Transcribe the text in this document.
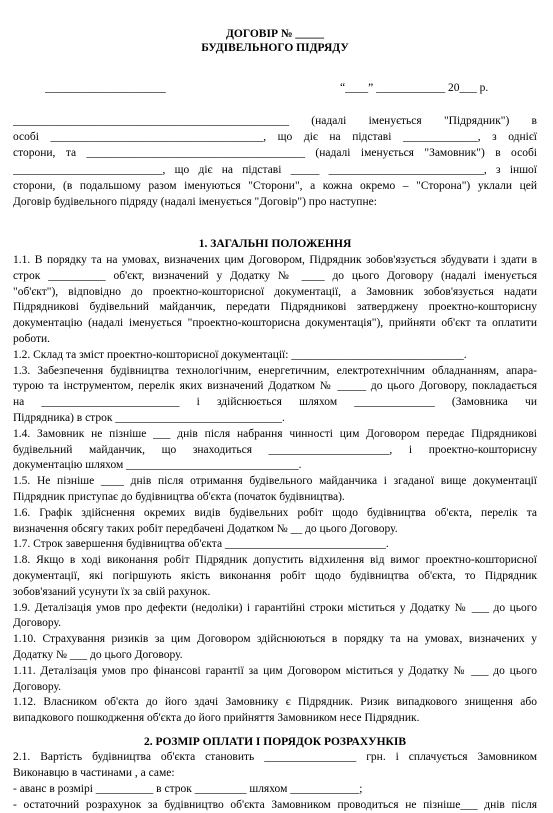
ДОГОВІР № _____
БУДІВЕЛЬНОГО ПІДРЯДУ
_____________________	“____” ____________ 20___ р.
________________________________________________ (надалі іменується "Підрядник") в
особі _____________________________________, що діє на підставі _____________, з однієї
сторони, та ______________________________________ (надалі іменується "Замовник") в особі
__________________________, що діє на підставі _____ ___________________________, з іншої
сторони, (в подальшому разом іменуються "Сторони", а кожна окремо – "Сторона") уклали цей
Договір будівельного підряду (надалі іменується "Договір") про наступне:
1. ЗАГАЛЬНІ ПОЛОЖЕННЯ
1.1. В порядку та на умовах, визначених цим Договором, Підрядник зобов'язується збудувати і здати в
строк __________ об'єкт, визначений у Додатку № ____ до цього Договору (надалі іменується
"об'єкт"), відповідно до проектно-кошторисної документації, а Замовник зобов'язується надати
Підрядникові будівельний майданчик, передати Підрядникові затверджену проектно-кошторисну
документацію (надалі іменується "проектно-кошторисна документація"), прийняти об'єкт та оплатити
роботи.
1.2. Склад та зміст проектно-кошторисної документації: ______________________________.
1.3. Забезпечення будівництва технологічним, енергетичним, електротехнічним обладнанням, апара-
турою та інструментом, перелік яких визначений Додатком № _____ до цього Договору, покладається
на ________________________ і здійснюється шляхом ______________ (Замовника чи
Підрядника) в строк _____________________________.
1.4. Замовник не пізніше ___ днів після набрання чинності цим Договором передає Підрядникові
будівельний майданчик, що знаходиться _____________________, і проектно-кошторисну
документацію шляхом ______________________________.
1.5. Не пізніше ____ днів після отримання будівельного майданчика і згаданої вище документації
Підрядник приступає до будівництва об'єкта (початок будівництва).
1.6. Графік здійснення окремих видів будівельних робіт щодо будівництва об'єкта, перелік та
визначення обсягу таких робіт передбачені Додатком № __ до цього Договору.
1.7. Строк завершення будівництва об'єкта ____________________________.
1.8. Якщо в ході виконання робіт Підрядник допустить відхилення від вимог проектно-кошторисної
документації, які погіршують якість виконання робіт щодо будівництва об'єкта, то Підрядник
зобов'язаний усунути їх за свій рахунок.
1.9. Деталізація умов про дефекти (недоліки) і гарантійні строки міститься у Додатку № ___ до цього
Договору.
1.10. Страхування ризиків за цим Договором здійснюються в порядку та на умовах, визначених у
Додатку № ___ до цього Договору.
1.11. Деталізація умов про фінансові гарантії за цим Договором міститься у Додатку № ___ до цього
Договору.
1.12. Власником об'єкта до його здачі Замовнику є Підрядник. Ризик випадкового знищення або
випадкового пошкодження об'єкта до його прийняття Замовником несе Підрядник.
2. РОЗМІР ОПЛАТИ І ПОРЯДОК РОЗРАХУНКІВ
2.1. Вартість будівництва об'єкта становить ________________ грн. і сплачується Замовником
Виконавцю в частинами , а саме:
- аванс в розмірі __________ в строк _________ шляхом ____________;
- остаточний розрахунок за будівництво об'єкта Замовником проводиться не пізніше___ днів після
